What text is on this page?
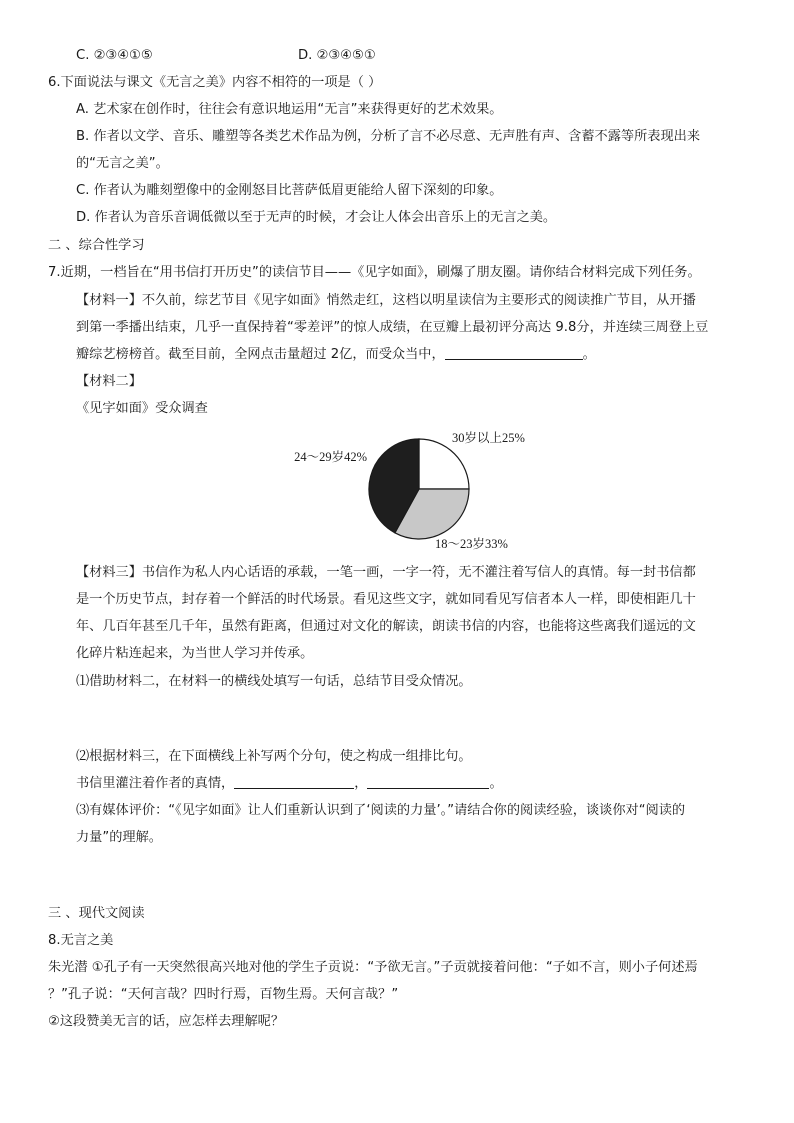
C. ②③④①⑤	D. ②③④⑤①
6.下面说法与课文《无言之美》内容不相符的一项是（ ）
A. 艺术家在创作时，往往会有意识地运用“无言”来获得更好的艺术效果。
B. 作者以文学、音乐、雕塑等各类艺术作品为例，分析了言不必尽意、无声胜有声、含蓄不露等所表现出来
的“无言之美”。
C. 作者认为雕刻塑像中的金刚怒目比菩萨低眉更能给人留下深刻的印象。
D. 作者认为音乐音调低微以至于无声的时候，才会让人体会出音乐上的无言之美。
二 、综合性学习
7.近期，一档旨在“用书信打开历史”的读信节目——《见字如面》，刷爆了朋友圈。请你结合材料完成下列任务。
【材料一】不久前，综艺节目《见字如面》悄然走红，这档以明星读信为主要形式的阅读推广节目，从开播
到第一季播出结束，几乎一直保持着“零差评”的惊人成绩，在豆瓣上最初评分高达 9.8分，并连续三周登上豆
瓣综艺榜榜首。截至目前，全网点击量超过 2亿，而受众当中，	。
【材料二】
《见字如面》受众调查
30岁以上25%
18～23岁33%
24～29岁42%
【材料三】书信作为私人内心话语的承载，一笔一画，一字一符，无不灌注着写信人的真情。每一封书信都
是一个历史节点，封存着一个鲜活的时代场景。看见这些文字，就如同看见写信者本人一样，即使相距几十
年、几百年甚至几千年，虽然有距离，但通过对文化的解读，朗读书信的内容，也能将这些离我们遥远的文
化碎片粘连起来，为当世人学习并传承。
⑴借助材料二，在材料一的横线处填写一句话，总结节目受众情况。
⑵根据材料三，在下面横线上补写两个分句，使之构成一组排比句。
书信里灌注着作者的真情，	，	。
⑶有媒体评价：“《见字如面》让人们重新认识到了‘阅读的力量’。”请结合你的阅读经验，谈谈你对“阅读的
力量”的理解。
三 、现代文阅读
8.无言之美
朱光潜 ①孔子有一天突然很高兴地对他的学生子贡说：“予欲无言。”子贡就接着问他：“子如不言，则小子何述焉
？”孔子说：“天何言哉？四时行焉，百物生焉。天何言哉？”
②这段赞美无言的话，应怎样去理解呢？
